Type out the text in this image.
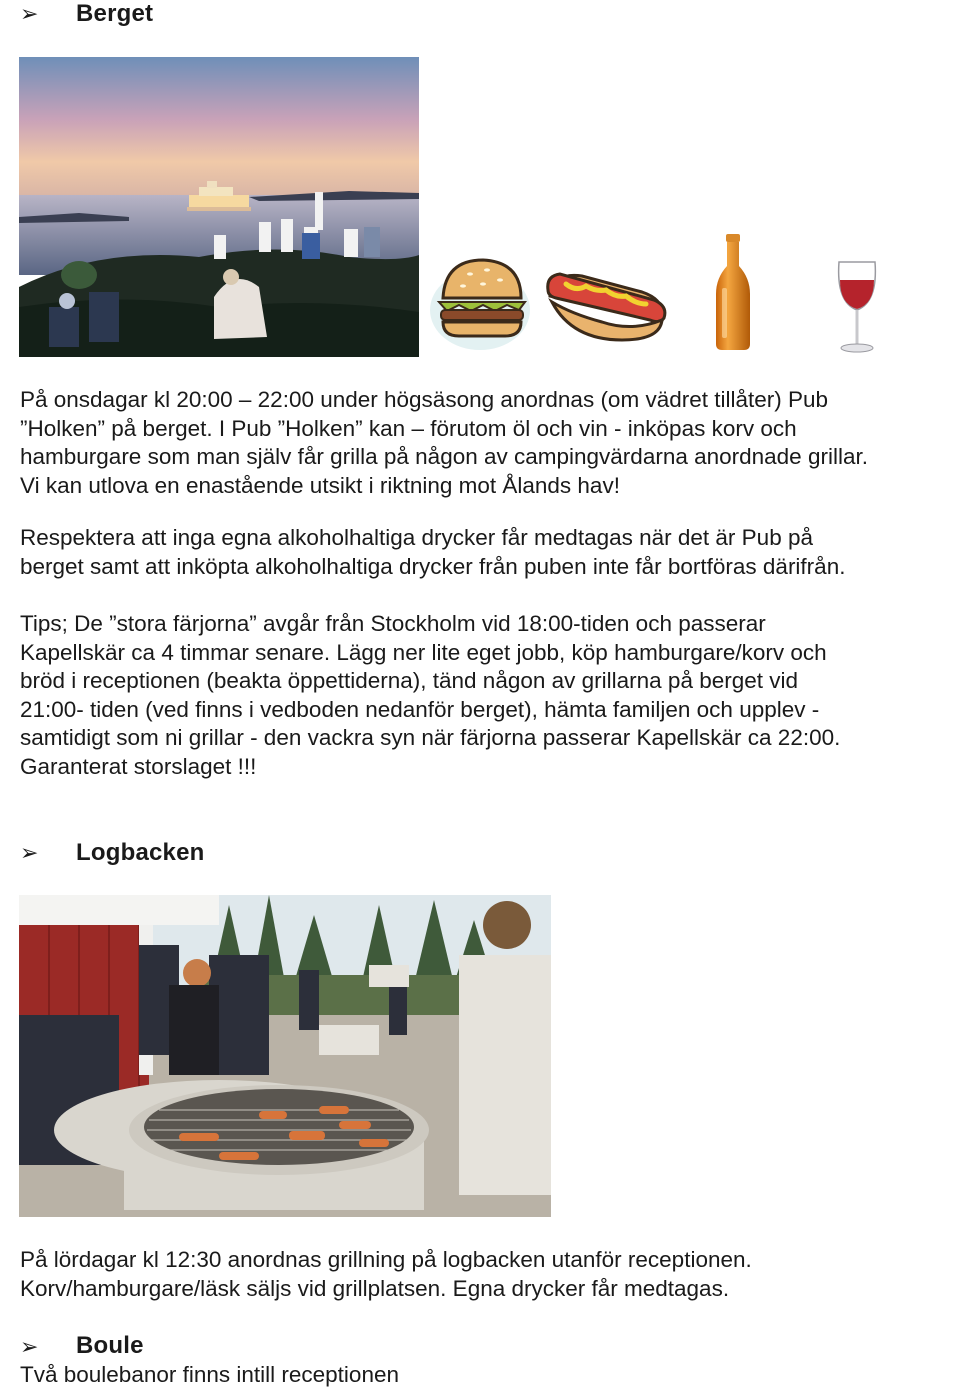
➢ Berget

På onsdagar kl 20:00 – 22:00 under högsäsong anordnas (om vädret tillåter) Pub

”Holken” på berget. I Pub ”Holken” kan – förutom öl och vin - inköpas korv och

hamburgare som man själv får grilla på någon av campingvärdarna anordnade grillar.

Vi kan utlova en enastående utsikt i riktning mot Ålands hav!

Respektera att inga egna alkoholhaltiga drycker får medtagas när det är Pub på

berget samt att inköpta alkoholhaltiga drycker från puben inte får bortföras därifrån.

Tips; De ”stora färjorna” avgår från Stockholm vid 18:00-tiden och passerar

Kapellskär ca 4 timmar senare. Lägg ner lite eget jobb, köp hamburgare/korv och

bröd i receptionen (beakta öppettiderna), tänd någon av grillarna på berget vid

21:00- tiden (ved finns i vedboden nedanför berget), hämta familjen och upplev -

samtidigt som ni grillar - den vackra syn när färjorna passerar Kapellskär ca 22:00.

Garanterat storslaget !!!

➢ Logbacken

På lördagar kl 12:30 anordnas grillning på logbacken utanför receptionen.

Korv/hamburgare/läsk säljs vid grillplatsen. Egna drycker får medtagas.

➢ Boule
Två boulebanor finns intill receptionen
